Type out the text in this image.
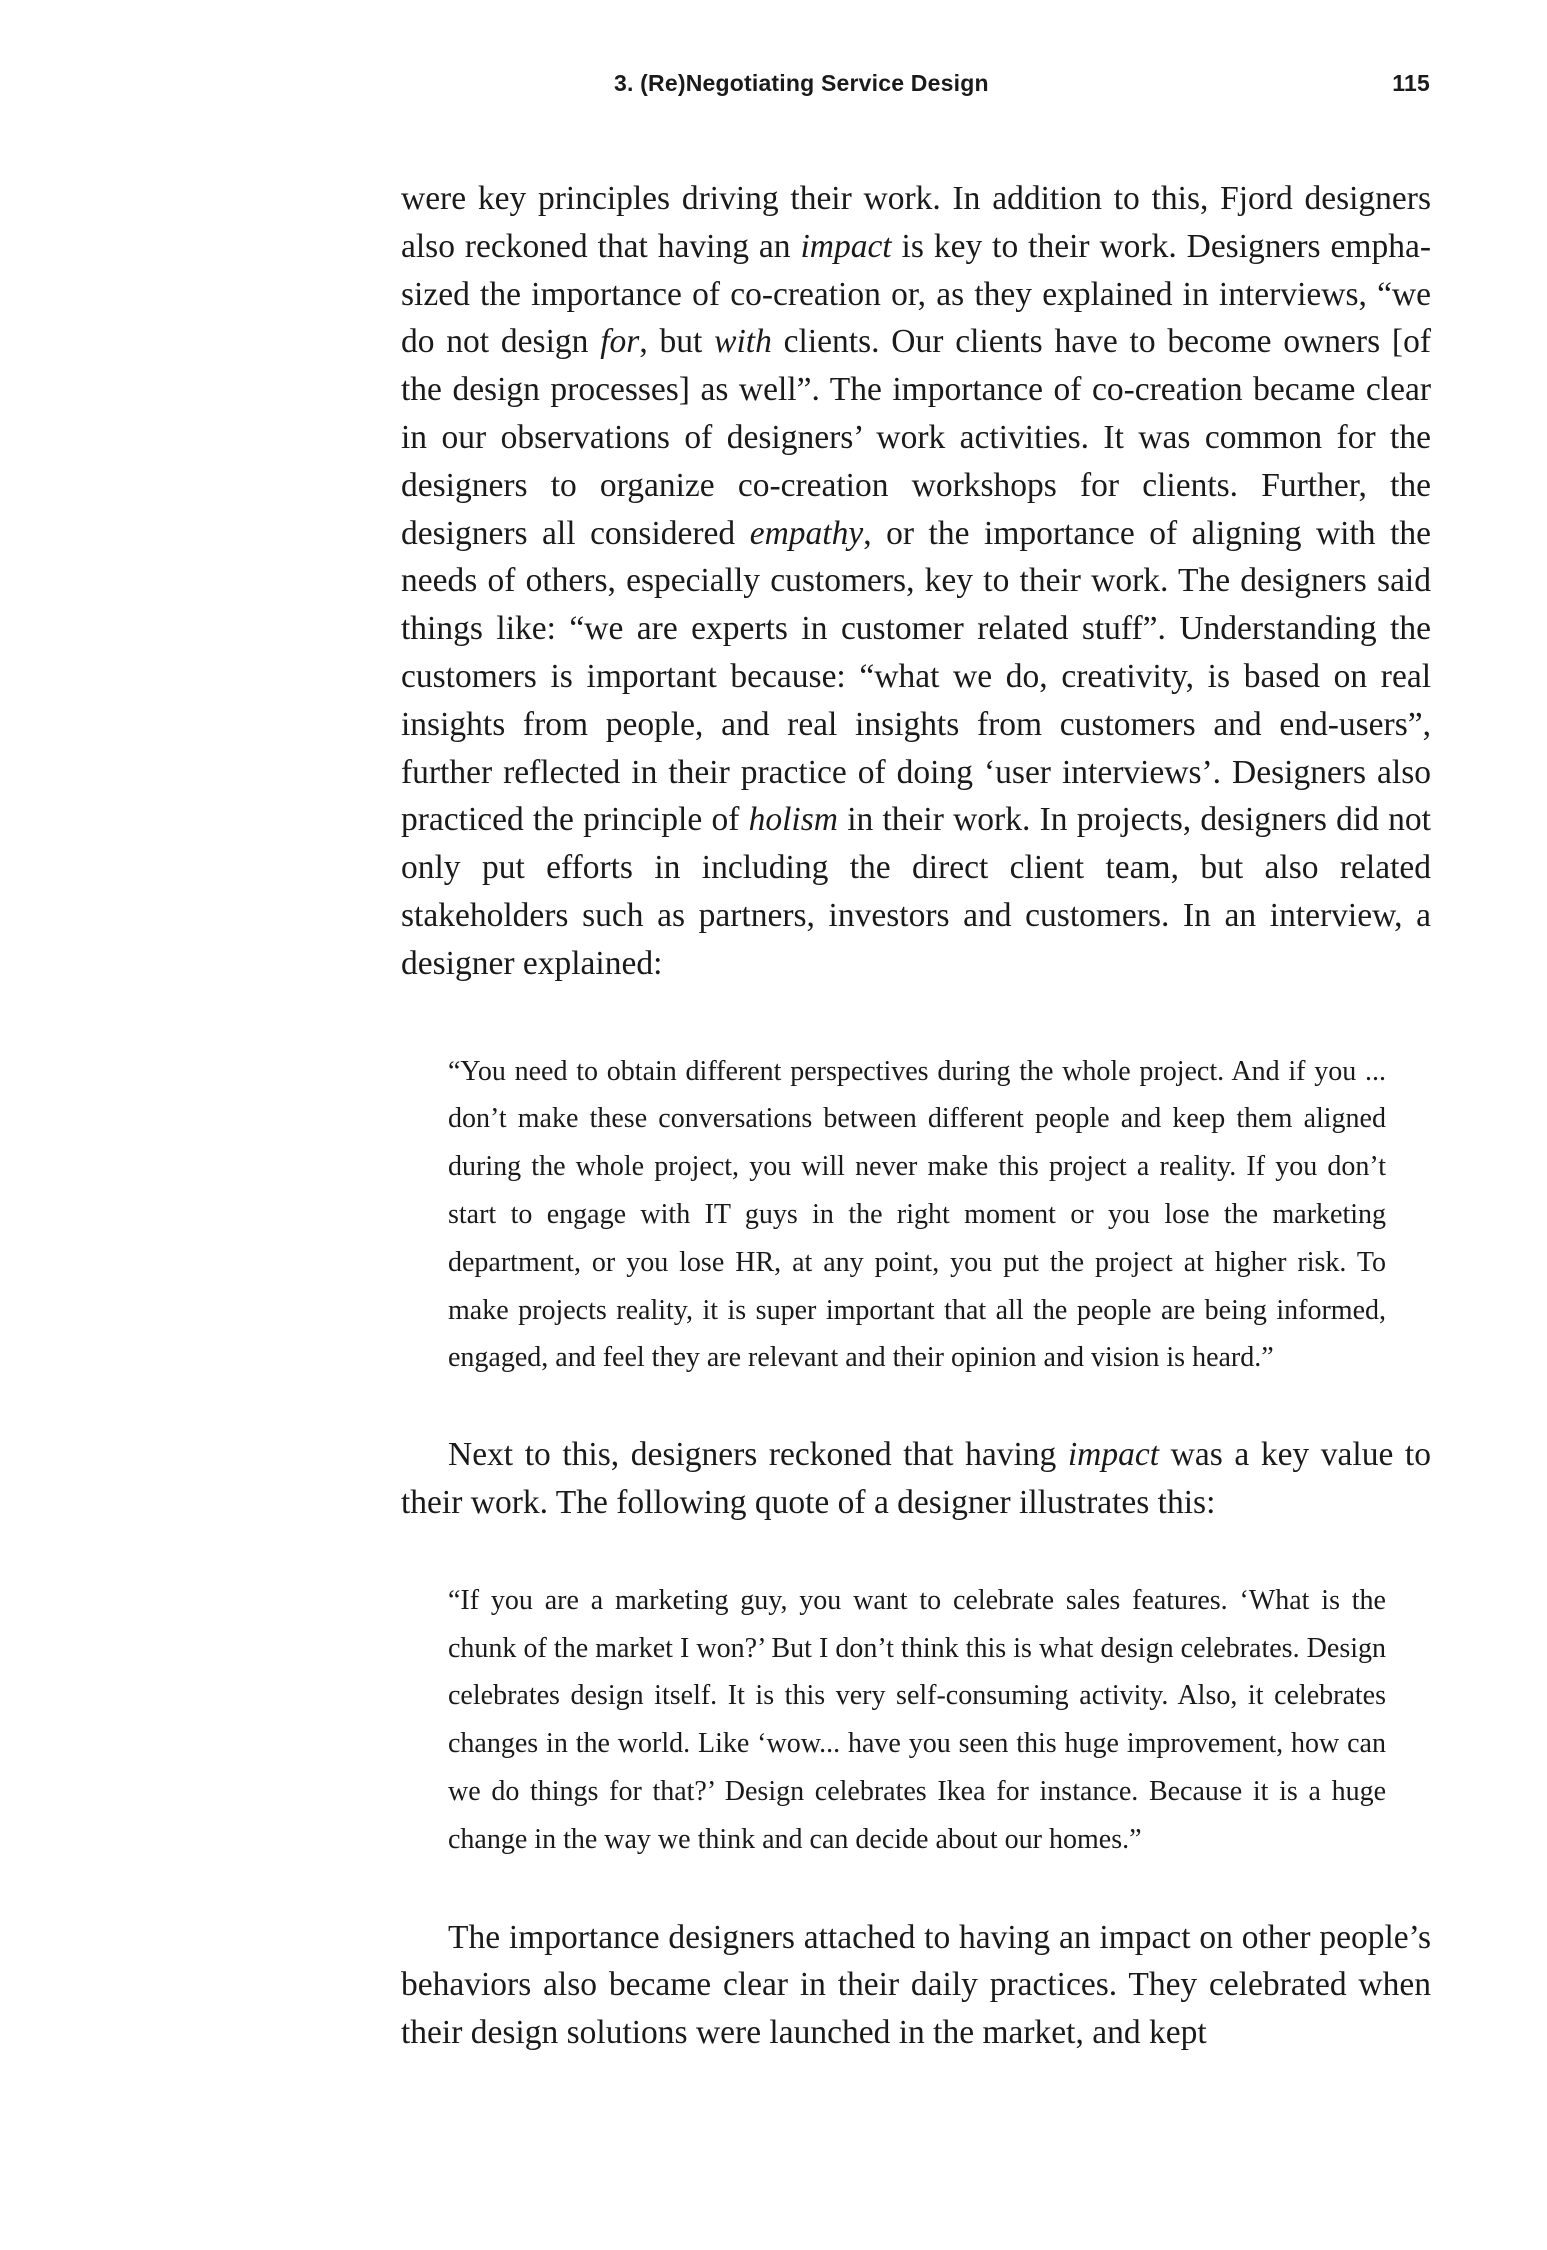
3. (Re)Negotiating Service Design	115

were key principles driving their work. In addition to this, Fjord designers also reckoned that having an impact is key to their work. Designers emphasized the importance of co-creation or, as they explained in interviews, “we do not design for, but with clients. Our clients have to become owners [of the design processes] as well”. The importance of co-creation became clear in our observations of designers’ work activities. It was common for the designers to organize co-creation workshops for clients. Further, the designers all considered empathy, or the importance of aligning with the needs of others, especially customers, key to their work. The designers said things like: “we are experts in customer related stuff”. Understanding the customers is important because: “what we do, creativity, is based on real insights from people, and real insights from customers and end-users”, further reflected in their practice of doing ‘user interviews’. Designers also practiced the principle of holism in their work. In projects, designers did not only put efforts in including the direct client team, but also related stakeholders such as partners, investors and customers. In an interview, a designer explained:

“You need to obtain different perspectives during the whole project. And if you ... don’t make these conversations between different people and keep them aligned during the whole project, you will never make this project a reality. If you don’t start to engage with IT guys in the right moment or you lose the marketing department, or you lose HR, at any point, you put the project at higher risk. To make projects reality, it is super important that all the people are being informed, engaged, and feel they are relevant and their opinion and vision is heard.”

Next to this, designers reckoned that having impact was a key value to their work. The following quote of a designer illustrates this:

“If you are a marketing guy, you want to celebrate sales features. ‘What is the chunk of the market I won?’ But I don’t think this is what design celebrates. Design celebrates design itself. It is this very self-consuming activity. Also, it celebrates changes in the world. Like ‘wow... have you seen this huge improvement, how can we do things for that?’ Design celebrates Ikea for instance. Because it is a huge change in the way we think and can decide about our homes.”

The importance designers attached to having an impact on other people’s behaviors also became clear in their daily practices. They celebrated when their design solutions were launched in the market, and kept
